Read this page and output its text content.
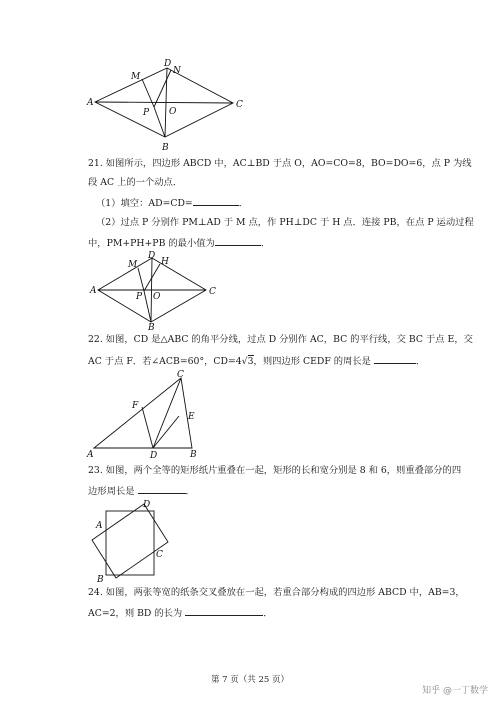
A
B
C
D
N
M
P O
21. 如图所示，四边形 ABCD 中，AC⊥BD 于点 O，AO=CO=8，BO=DO=6，点 P 为线
段 AC 上的一个动点．
（1）填空：AD=CD=	．
（2）过点 P 分别作 PM⊥AD 于 M 点，作 PH⊥DC 于 H 点．连接 PB，在点 P 运动过程
中，PM+PH+PB 的最小值为	．
A
B
C
D
H
M
P O
22. 如图，CD 是△ABC 的角平分线，过点 D 分别作 AC，BC 的平行线，交 BC 于点 E，交
AC 于点 F．若∠ACB=60°，CD=4√3，则四边形 CEDF 的周长是	．
A	B
C
D
E
F
23. 如图，两个全等的矩形纸片重叠在一起，矩形的长和宽分别是 8 和 6，则重叠部分的四
边形周长是	．
A
B
C
D
24. 如图，两张等宽的纸条交叉叠放在一起，若重合部分构成的四边形 ABCD 中，AB=3，
AC=2，则 BD 的长为	．
第 7 页（共 25 页）
知乎 @一丁数学
